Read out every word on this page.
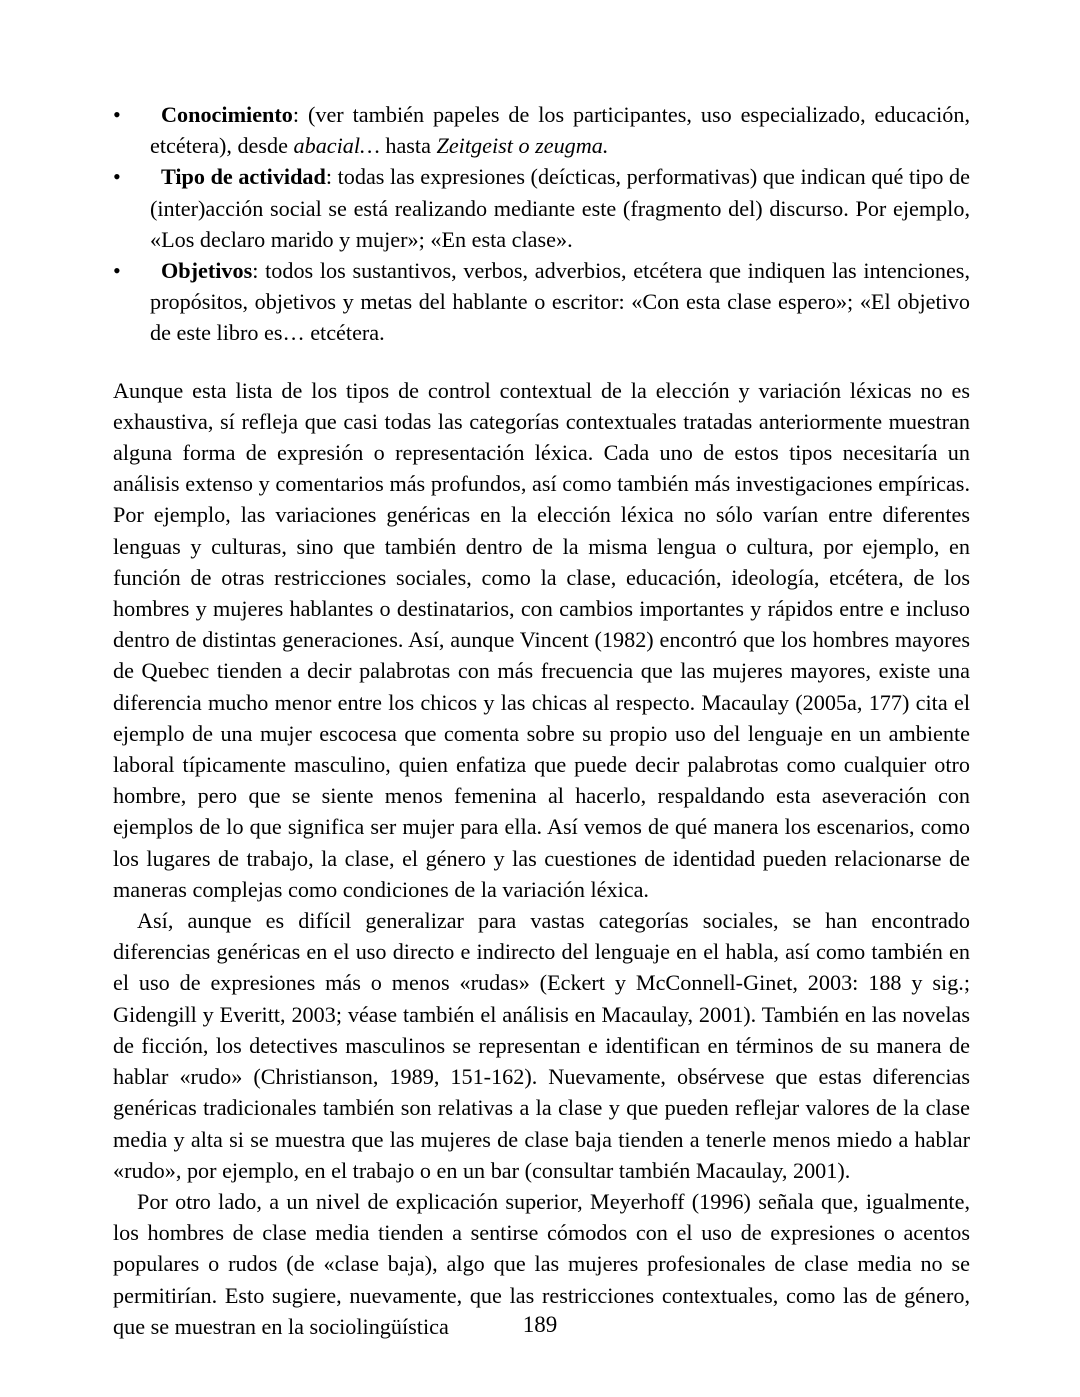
•	Conocimiento: (ver también papeles de los participantes, uso especializado, educación, etcétera), desde abacial… hasta Zeitgeist o zeugma.
•	Tipo de actividad: todas las expresiones (deícticas, performativas) que indican qué tipo de (inter)acción social se está realizando mediante este (fragmento del) discurso. Por ejemplo, «Los declaro marido y mujer»; «En esta clase».
•	Objetivos: todos los sustantivos, verbos, adverbios, etcétera que indiquen las intenciones, propósitos, objetivos y metas del hablante o escritor: «Con esta clase espero»; «El objetivo de este libro es… etcétera.

Aunque esta lista de los tipos de control contextual de la elección y variación léxicas no es exhaustiva, sí refleja que casi todas las categorías contextuales tratadas anteriormente muestran alguna forma de expresión o representación léxica. Cada uno de estos tipos necesitaría un análisis extenso y comentarios más profundos, así como también más investigaciones empíricas. Por ejemplo, las variaciones genéricas en la elección léxica no sólo varían entre diferentes lenguas y culturas, sino que también dentro de la misma lengua o cultura, por ejemplo, en función de otras restricciones sociales, como la clase, educación, ideología, etcétera, de los hombres y mujeres hablantes o destinatarios, con cambios importantes y rápidos entre e incluso dentro de distintas generaciones. Así, aunque Vincent (1982) encontró que los hombres mayores de Quebec tienden a decir palabrotas con más frecuencia que las mujeres mayores, existe una diferencia mucho menor entre los chicos y las chicas al respecto. Macaulay (2005a, 177) cita el ejemplo de una mujer escocesa que comenta sobre su propio uso del lenguaje en un ambiente laboral típicamente masculino, quien enfatiza que puede decir palabrotas como cualquier otro hombre, pero que se siente menos femenina al hacerlo, respaldando esta aseveración con ejemplos de lo que significa ser mujer para ella. Así vemos de qué manera los escenarios, como los lugares de trabajo, la clase, el género y las cuestiones de identidad pueden relacionarse de maneras complejas como condiciones de la variación léxica.

Así, aunque es difícil generalizar para vastas categorías sociales, se han encontrado diferencias genéricas en el uso directo e indirecto del lenguaje en el habla, así como también en el uso de expresiones más o menos «rudas» (Eckert y McConnell-Ginet, 2003: 188 y sig.; Gidengill y Everitt, 2003; véase también el análisis en Macaulay, 2001). También en las novelas de ficción, los detectives masculinos se representan e identifican en términos de su manera de hablar «rudo» (Christianson, 1989, 151-162). Nuevamente, obsérvese que estas diferencias genéricas tradicionales también son relativas a la clase y que pueden reflejar valores de la clase media y alta si se muestra que las mujeres de clase baja tienden a tenerle menos miedo a hablar «rudo», por ejemplo, en el trabajo o en un bar (consultar también Macaulay, 2001).

Por otro lado, a un nivel de explicación superior, Meyerhoff (1996) señala que, igualmente, los hombres de clase media tienden a sentirse cómodos con el uso de expresiones o acentos populares o rudos (de «clase baja), algo que las mujeres profesionales de clase media no se permitirían. Esto sugiere, nuevamente, que las restricciones contextuales, como las de género, que se muestran en la sociolingüística	189
